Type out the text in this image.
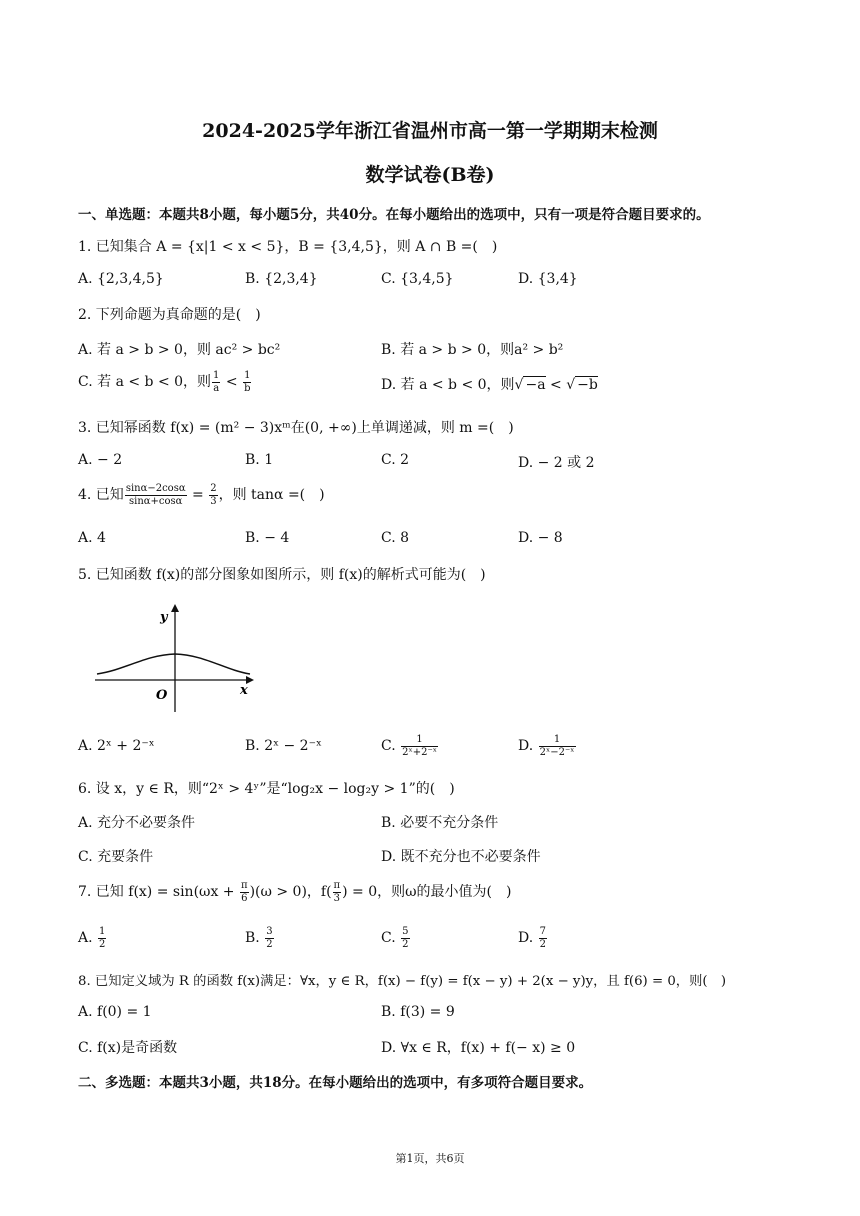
2024-2025学年浙江省温州市高一第一学期期末检测
数学试卷(B卷)
一、单选题：本题共8小题，每小题5分，共40分。在每小题给出的选项中，只有一项是符合题目要求的。
1. 已知集合 A = {x|1 < x < 5}，B = {3,4,5}，则 A ∩ B =(　)
A. {2,3,4,5}	B. {2,3,4}	C. {3,4,5}	D. {3,4}
2. 下列命题为真命题的是(　)
A. 若 a > b > 0，则 ac² > bc²	B. 若 a > b > 0，则a² > b²
C. 若 a < b < 0，则 $\frac{1}{a} < \frac{1}{b}$	D. 若 a < b < 0，则√ −a < √ −b
3. 已知幂函数 f(x) = (m² − 3)xᵐ在(0, +∞)上单调递减，则 m =(　)
A. − 2	B. 1	C. 2	D. − 2 或 2
4. 已知 $\frac{\sin\alpha-2\cos\alpha}{\sin\alpha+\cos\alpha} = \frac{2}{3}$ ，则 tanα =(　)
A. 4	B. − 4	C. 8	D. − 8
5. 已知函数 f(x)的部分图象如图所示，则 f(x)的解析式可能为(　)
y
x
O
A. 2ˣ + 2⁻ˣ	B. 2ˣ − 2⁻ˣ	C. $\frac{1}{\text{2ˣ+2⁻ˣ}}$	D. $\frac{1}{\text{2ˣ−2⁻ˣ}}$
6. 设 x，y ∈ R，则“2ˣ > 4ʸ”是“log₂x − log₂y > 1”的(　)
A. 充分不必要条件	B. 必要不充分条件
C. 充要条件	D. 既不充分也不必要条件
7. 已知 $f(x) = \sin(\omega x + \frac{\pi}{6} )(\omega > 0)$，$f( \frac{\pi}{3}$ ) = 0，则ω的最小值为(　)
A. $\frac{1}{2}$	B. $\frac{3}{2}$	C. $\frac{5}{2}$	D. $\frac{7}{2}$
8. 已知定义域为 R 的函数 f(x)满足：∀x，y ∈ R，f(x) − f(y) = f(x − y) + 2(x − y)y，且 f(6) = 0，则(　)
A. f(0) = 1	B. f(3) = 9
C. f(x)是奇函数	D. ∀x ∈ R，f(x) + f(− x) ≥ 0
二、多选题：本题共3小题，共18分。在每小题给出的选项中，有多项符合题目要求。
第1页，共6页
